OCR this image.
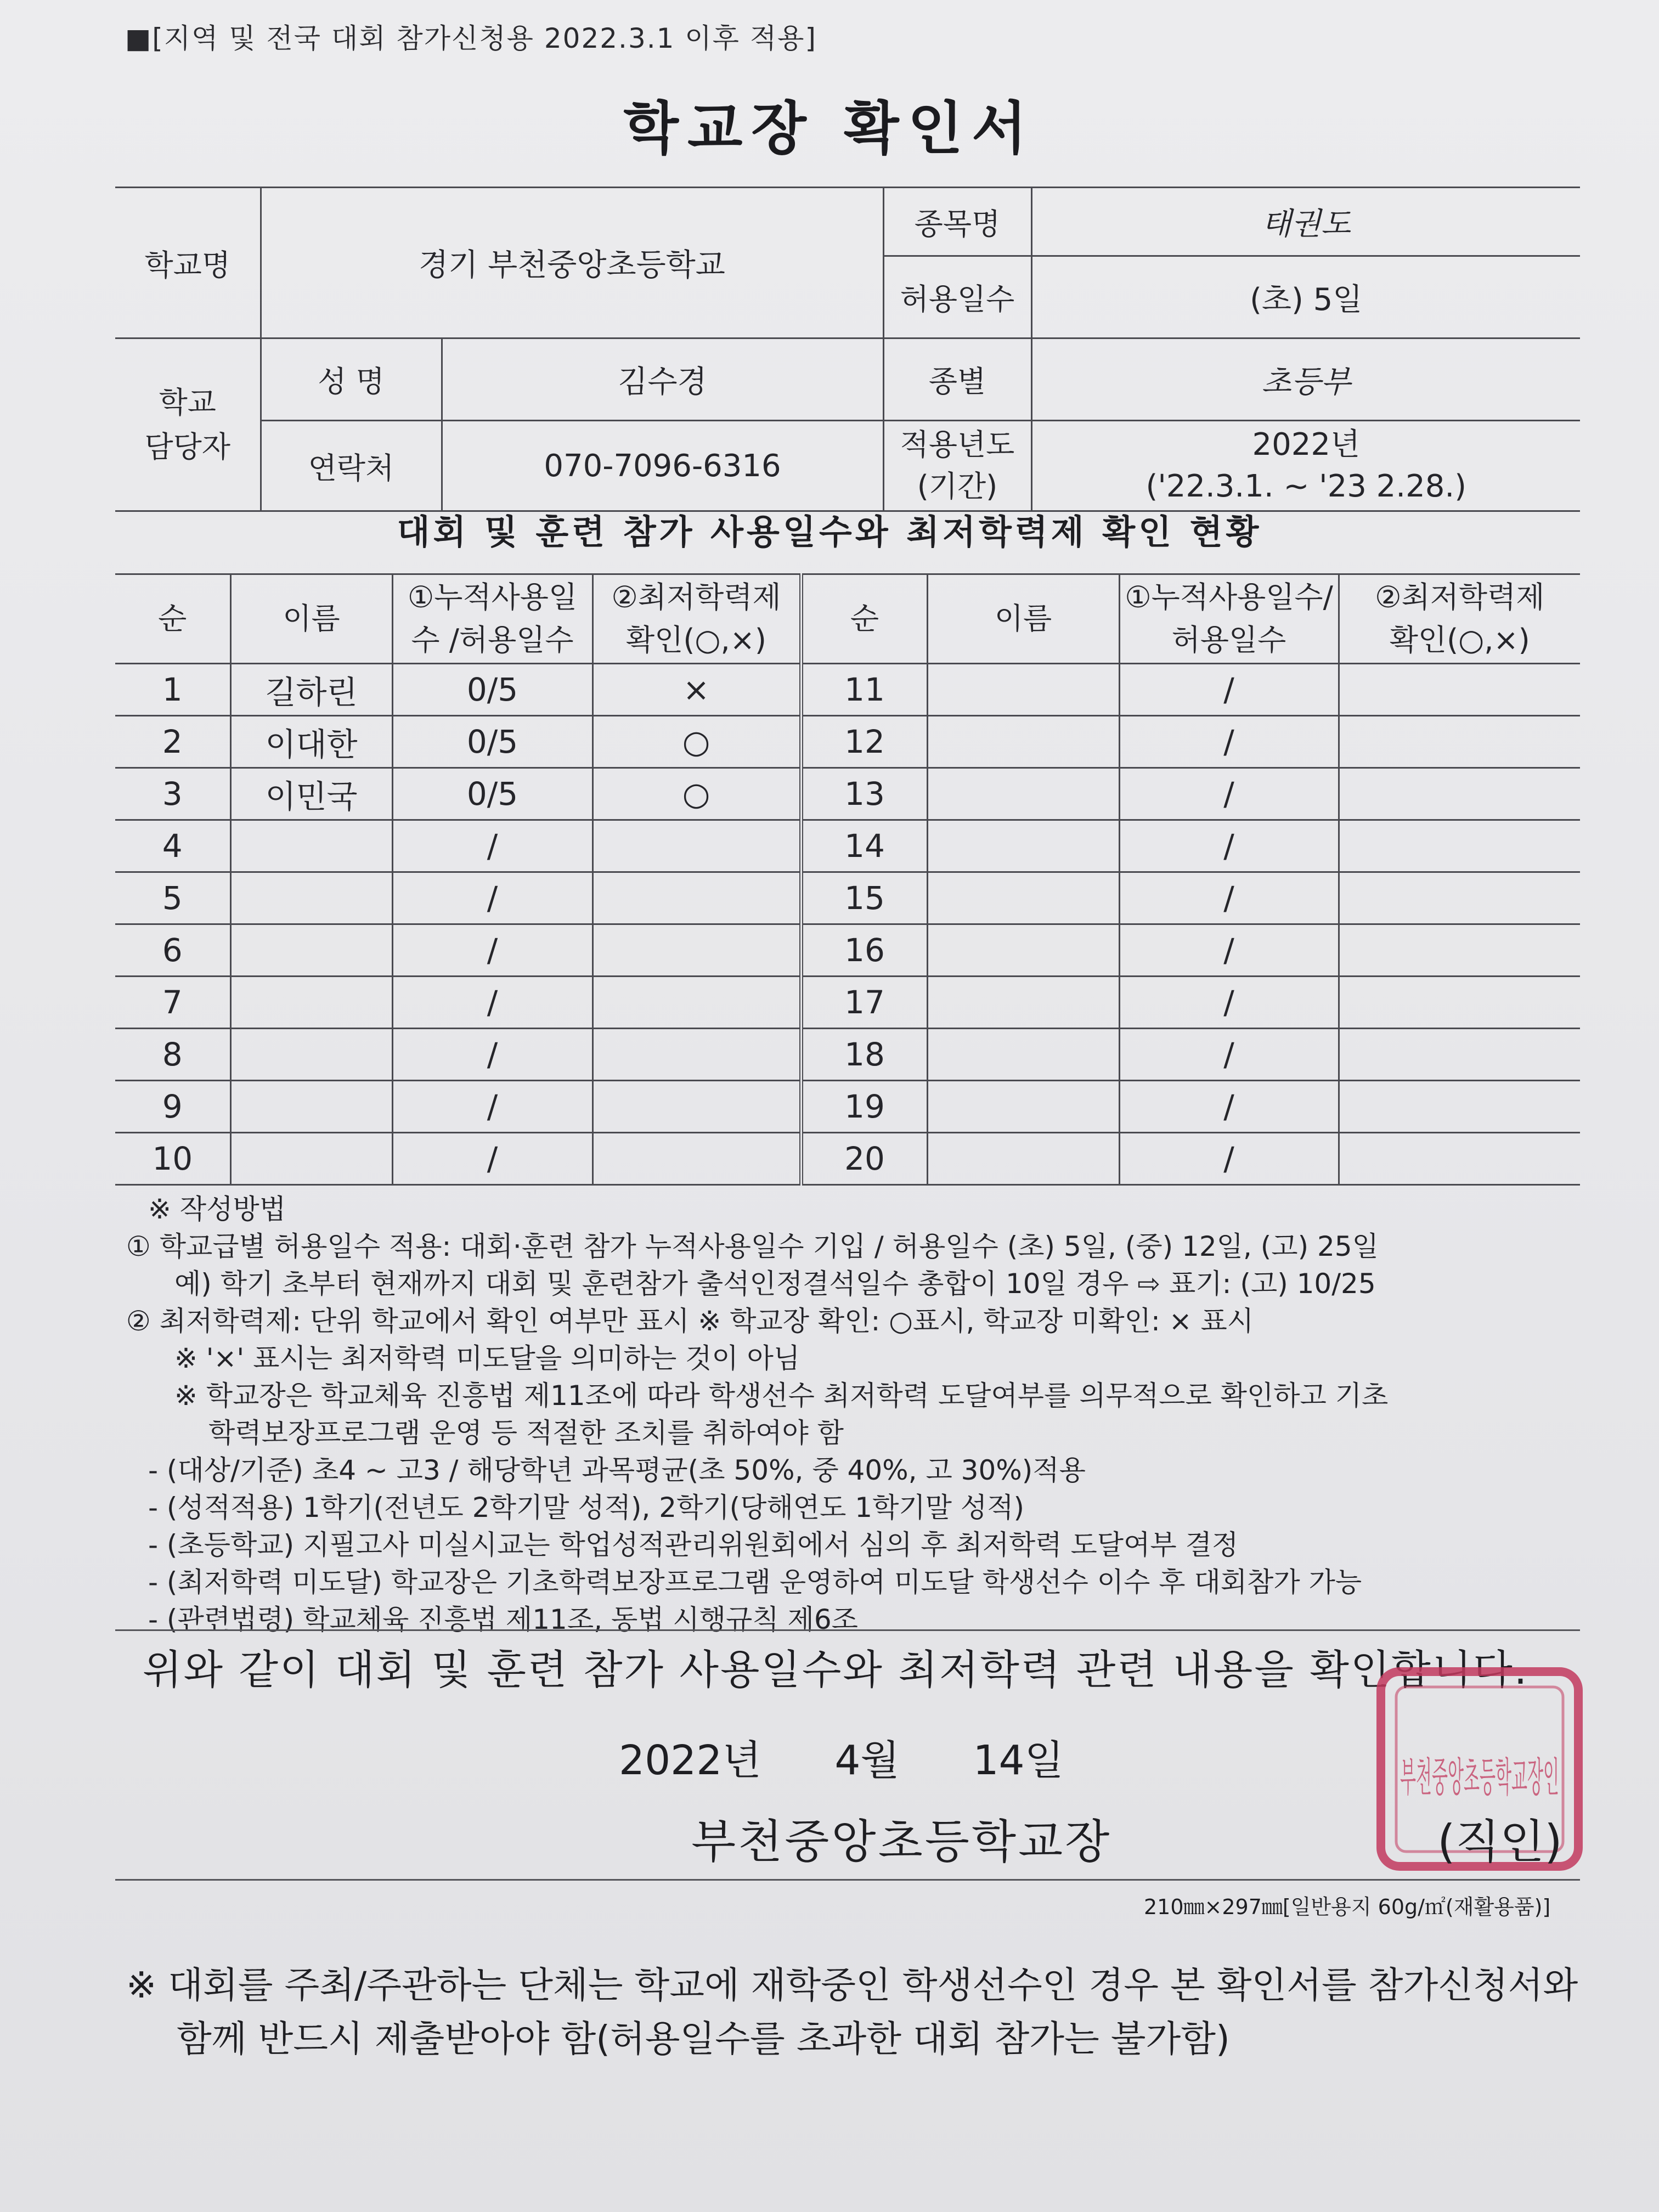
■[지역 및 전국 대회 참가신청용 2022.3.1 이후 적용]
학교장 확인서
학교명	경기 부천중앙초등학교		종목명	태권도
			허용일수	(초) 5일
학교 담당자	성 명	김수경	종별	초등부
	연락처	070-7096-6316	적용년도 (기간)	2022년
('22.3.1. ~ '23 2.28.)
대회 및 훈련 참가 사용일수와 최저학력제 확인 현황
순	이름	①누적사용일수 /허용일수	②최저학력제 확인(○,×)	순	이름	①누적사용일수/ 허용일수	②최저학력제 확인(○,×)
1	길하린	0/5	×	11		/	
2	이대한	0/5	○	12		/	
3	이민국	0/5	○	13		/	
4		/		14		/	
5		/		15		/	
6		/		16		/	
7		/		17		/	
8		/		18		/	
9		/		19		/	
10		/		20		/	
※ 작성방법
① 학교급별 허용일수 적용: 대회·훈련 참가 누적사용일수 기입 / 허용일수 (초) 5일, (중) 12일, (고) 25일
예) 학기 초부터 현재까지 대회 및 훈련참가 출석인정결석일수 총합이 10일 경우 ⇨ 표기: (고) 10/25
② 최저학력제: 단위 학교에서 확인 여부만 표시 ※ 학교장 확인: ○표시, 학교장 미확인: × 표시
※ '×' 표시는 최저학력 미도달을 의미하는 것이 아님
※ 학교장은 학교체육 진흥법 제11조에 따라 학생선수 최저학력 도달여부를 의무적으로 확인하고 기초
학력보장프로그램 운영 등 적절한 조치를 취하여야 함
- (대상/기준) 초4 ~ 고3 / 해당학년 과목평균(초 50%, 중 40%, 고 30%)적용
- (성적적용) 1학기(전년도 2학기말 성적), 2학기(당해연도 1학기말 성적)
- (초등학교) 지필고사 미실시교는 학업성적관리위원회에서 심의 후 최저학력 도달여부 결정
- (최저학력 미도달) 학교장은 기초학력보장프로그램 운영하여 미도달 학생선수 이수 후 대회참가 가능
- (관련법령) 학교체육 진흥법 제11조, 동법 시행규칙 제6조
위와 같이 대회 및 훈련 참가 사용일수와 최저학력 관련 내용을 확인합니다.
2022년 4월 14일
부천중앙초등학교장
부천중앙초등학교장인
(직인)
210㎜×297㎜[일반용지 60g/㎡(재활용품)]
※ 대회를 주최/주관하는 단체는 학교에 재학중인 학생선수인 경우 본 확인서를 참가신청서와
함께 반드시 제출받아야 함(허용일수를 초과한 대회 참가는 불가함)
